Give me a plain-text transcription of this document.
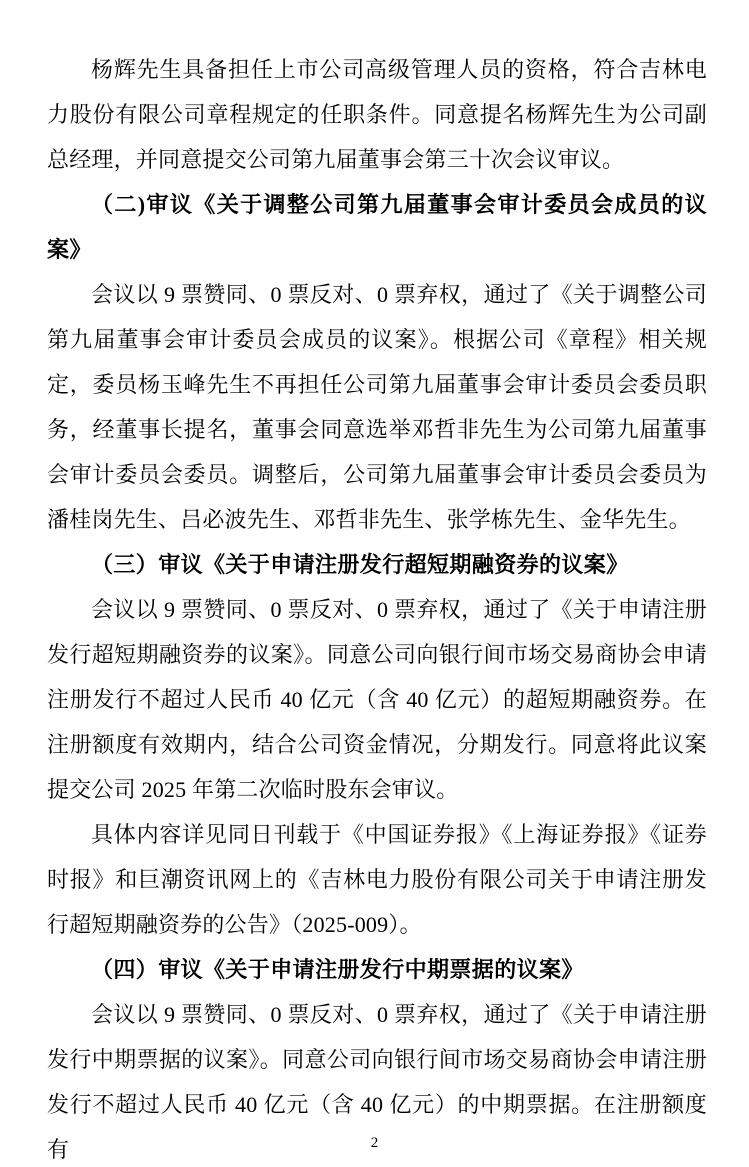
杨辉先生具备担任上市公司高级管理人员的资格，符合吉林电力股份有限公司章程规定的任职条件。同意提名杨辉先生为公司副总经理，并同意提交公司第九届董事会第三十次会议审议。

（二)审议《关于调整公司第九届董事会审计委员会成员的议案》

会议以 9 票赞同、0 票反对、0 票弃权，通过了《关于调整公司第九届董事会审计委员会成员的议案》。根据公司《章程》相关规定，委员杨玉峰先生不再担任公司第九届董事会审计委员会委员职务，经董事长提名，董事会同意选举邓哲非先生为公司第九届董事会审计委员会委员。调整后，公司第九届董事会审计委员会委员为潘桂岗先生、吕必波先生、邓哲非先生、张学栋先生、金华先生。

（三）审议《关于申请注册发行超短期融资券的议案》

会议以 9 票赞同、0 票反对、0 票弃权，通过了《关于申请注册发行超短期融资券的议案》。同意公司向银行间市场交易商协会申请注册发行不超过人民币 40 亿元（含 40 亿元）的超短期融资券。在注册额度有效期内，结合公司资金情况，分期发行。同意将此议案提交公司 2025 年第二次临时股东会审议。

具体内容详见同日刊载于《中国证券报》《上海证券报》《证券时报》和巨潮资讯网上的《吉林电力股份有限公司关于申请注册发行超短期融资券的公告》（2025-009）。

（四）审议《关于申请注册发行中期票据的议案》

会议以 9 票赞同、0 票反对、0 票弃权，通过了《关于申请注册发行中期票据的议案》。同意公司向银行间市场交易商协会申请注册发行不超过人民币 40 亿元（含 40 亿元）的中期票据。在注册额度有	2
